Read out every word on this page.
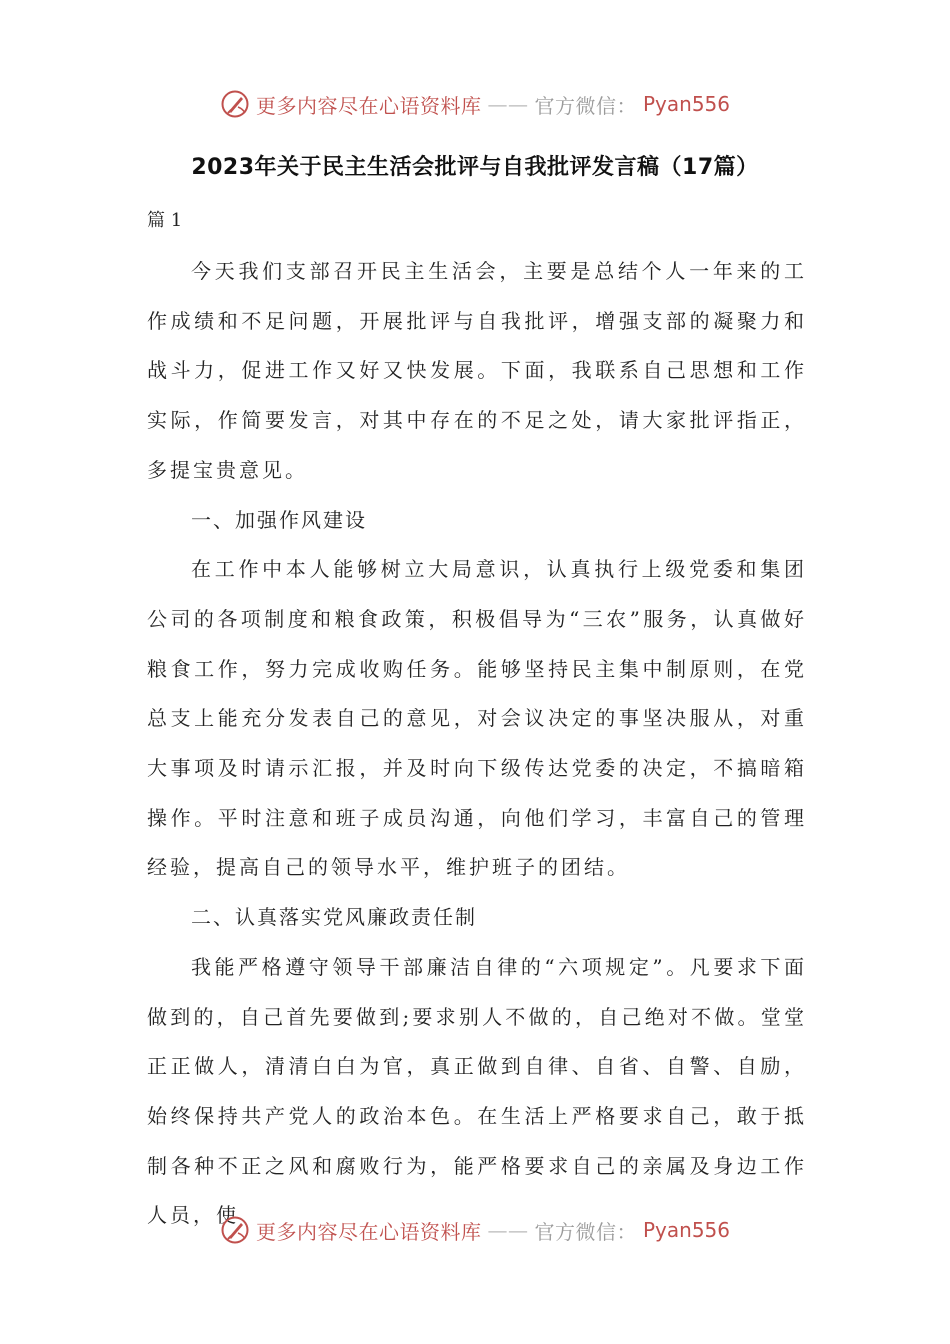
更多内容尽在心语资料库 —— 官方微信： Pyan556
2023年关于民主生活会批评与自我批评发言稿（17篇）

篇 1

今天我们支部召开民主生活会，主要是总结个人一年来的工作成绩和不足问题，开展批评与自我批评，增强支部的凝聚力和战斗力，促进工作又好又快发展。下面，我联系自己思想和工作实际，作简要发言，对其中存在的不足之处，请大家批评指正，多提宝贵意见。

一、加强作风建设

在工作中本人能够树立大局意识，认真执行上级党委和集团公司的各项制度和粮食政策，积极倡导为“三农”服务，认真做好粮食工作，努力完成收购任务。能够坚持民主集中制原则，在党总支上能充分发表自己的意见，对会议决定的事坚决服从，对重大事项及时请示汇报，并及时向下级传达党委的决定，不搞暗箱操作。平时注意和班子成员沟通，向他们学习，丰富自己的管理经验，提高自己的领导水平，维护班子的团结。

二、认真落实党风廉政责任制

我能严格遵守领导干部廉洁自律的“六项规定”。凡要求下面做到的，自己首先要做到;要求别人不做的，自己绝对不做。堂堂正正做人，清清白白为官，真正做到自律、自省、自警、自励，始终保持共产党人的政治本色。在生活上严格要求自己，敢于抵制各种不正之风和腐败行为，能严格要求自己的亲属及身边工作人员，使

更多内容尽在心语资料库 —— 官方微信： Pyan556
